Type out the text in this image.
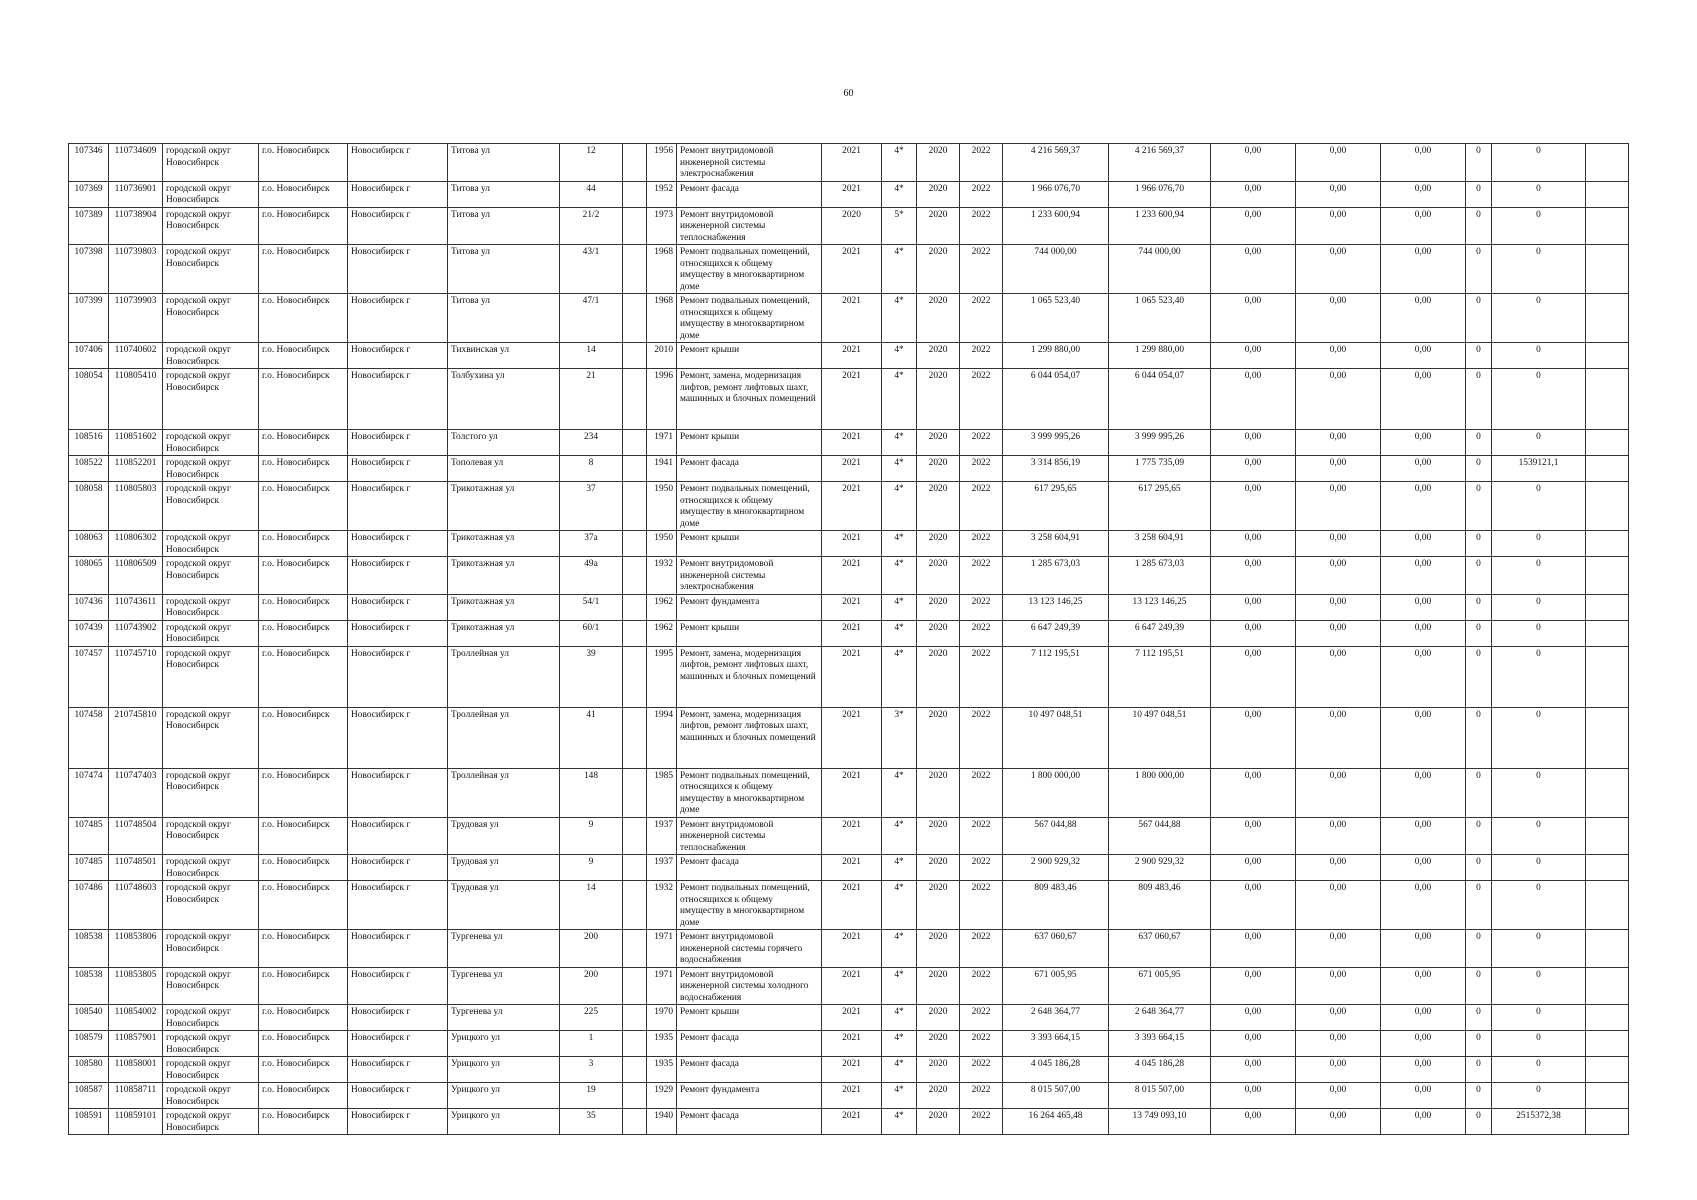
60
107346	110734609	городской округ Новосибирск	г.о. Новосибирск	Новосибирск г	Титова ул	12		1956	Ремонт внутридомовой инженерной системы электроснабжения	2021	4*	2020	2022	4 216 569,37	4 216 569,37	0,00	0,00	0,00	0	0	
107369	110736901	городской округ Новосибирск	г.о. Новосибирск	Новосибирск г	Титова ул	44		1952	Ремонт фасада	2021	4*	2020	2022	1 966 076,70	1 966 076,70	0,00	0,00	0,00	0	0	
107389	110738904	городской округ Новосибирск	г.о. Новосибирск	Новосибирск г	Титова ул	21/2		1973	Ремонт внутридомовой инженерной системы теплоснабжения	2020	5*	2020	2022	1 233 600,94	1 233 600,94	0,00	0,00	0,00	0	0	
107398	110739803	городской округ Новосибирск	г.о. Новосибирск	Новосибирск г	Титова ул	43/1		1968	Ремонт подвальных помещений, относящихся к общему имуществу в многоквартирном доме	2021	4*	2020	2022	744 000,00	744 000,00	0,00	0,00	0,00	0	0	
107399	110739903	городской округ Новосибирск	г.о. Новосибирск	Новосибирск г	Титова ул	47/1		1968	Ремонт подвальных помещений, относящихся к общему имуществу в многоквартирном доме	2021	4*	2020	2022	1 065 523,40	1 065 523,40	0,00	0,00	0,00	0	0	
107406	110740602	городской округ Новосибирск	г.о. Новосибирск	Новосибирск г	Тихвинская ул	14		2010	Ремонт крыши	2021	4*	2020	2022	1 299 880,00	1 299 880,00	0,00	0,00	0,00	0	0	
108054	110805410	городской округ Новосибирск	г.о. Новосибирск	Новосибирск г	Толбухина ул	21		1996	Ремонт, замена, модернизация лифтов, ремонт лифтовых шахт, машинных и блочных помещений	2021	4*	2020	2022	6 044 054,07	6 044 054,07	0,00	0,00	0,00	0	0	
108516	110851602	городской округ Новосибирск	г.о. Новосибирск	Новосибирск г	Толстого ул	234		1971	Ремонт крыши	2021	4*	2020	2022	3 999 995,26	3 999 995,26	0,00	0,00	0,00	0	0	
108522	110852201	городской округ Новосибирск	г.о. Новосибирск	Новосибирск г	Тополевая ул	8		1941	Ремонт фасада	2021	4*	2020	2022	3 314 856,19	1 775 735,09	0,00	0,00	0,00	0	1539121,1	
108058	110805803	городской округ Новосибирск	г.о. Новосибирск	Новосибирск г	Трикотажная ул	37		1950	Ремонт подвальных помещений, относящихся к общему имуществу в многоквартирном доме	2021	4*	2020	2022	617 295,65	617 295,65	0,00	0,00	0,00	0	0	
108063	110806302	городской округ Новосибирск	г.о. Новосибирск	Новосибирск г	Трикотажная ул	37а		1950	Ремонт крыши	2021	4*	2020	2022	3 258 604,91	3 258 604,91	0,00	0,00	0,00	0	0	
108065	110806509	городской округ Новосибирск	г.о. Новосибирск	Новосибирск г	Трикотажная ул	49а		1932	Ремонт внутридомовой инженерной системы электроснабжения	2021	4*	2020	2022	1 285 673,03	1 285 673,03	0,00	0,00	0,00	0	0	
107436	110743611	городской округ Новосибирск	г.о. Новосибирск	Новосибирск г	Трикотажная ул	54/1		1962	Ремонт фундамента	2021	4*	2020	2022	13 123 146,25	13 123 146,25	0,00	0,00	0,00	0	0	
107439	110743902	городской округ Новосибирск	г.о. Новосибирск	Новосибирск г	Трикотажная ул	60/1		1962	Ремонт крыши	2021	4*	2020	2022	6 647 249,39	6 647 249,39	0,00	0,00	0,00	0	0	
107457	110745710	городской округ Новосибирск	г.о. Новосибирск	Новосибирск г	Троллейная ул	39		1995	Ремонт, замена, модернизация лифтов, ремонт лифтовых шахт, машинных и блочных помещений	2021	4*	2020	2022	7 112 195,51	7 112 195,51	0,00	0,00	0,00	0	0	
107458	210745810	городской округ Новосибирск	г.о. Новосибирск	Новосибирск г	Троллейная ул	41		1994	Ремонт, замена, модернизация лифтов, ремонт лифтовых шахт, машинных и блочных помещений	2021	3*	2020	2022	10 497 048,51	10 497 048,51	0,00	0,00	0,00	0	0	
107474	110747403	городской округ Новосибирск	г.о. Новосибирск	Новосибирск г	Троллейная ул	148		1985	Ремонт подвальных помещений, относящихся к общему имуществу в многоквартирном доме	2021	4*	2020	2022	1 800 000,00	1 800 000,00	0,00	0,00	0,00	0	0	
107485	110748504	городской округ Новосибирск	г.о. Новосибирск	Новосибирск г	Трудовая ул	9		1937	Ремонт внутридомовой инженерной системы теплоснабжения	2021	4*	2020	2022	567 044,88	567 044,88	0,00	0,00	0,00	0	0	
107485	110748501	городской округ Новосибирск	г.о. Новосибирск	Новосибирск г	Трудовая ул	9		1937	Ремонт фасада	2021	4*	2020	2022	2 900 929,32	2 900 929,32	0,00	0,00	0,00	0	0	
107486	110748603	городской округ Новосибирск	г.о. Новосибирск	Новосибирск г	Трудовая ул	14		1932	Ремонт подвальных помещений, относящихся к общему имуществу в многоквартирном доме	2021	4*	2020	2022	809 483,46	809 483,46	0,00	0,00	0,00	0	0	
108538	110853806	городской округ Новосибирск	г.о. Новосибирск	Новосибирск г	Тургенева ул	200		1971	Ремонт внутридомовой инженерной системы горячего водоснабжения	2021	4*	2020	2022	637 060,67	637 060,67	0,00	0,00	0,00	0	0	
108538	110853805	городской округ Новосибирск	г.о. Новосибирск	Новосибирск г	Тургенева ул	200		1971	Ремонт внутридомовой инженерной системы холодного водоснабжения	2021	4*	2020	2022	671 005,95	671 005,95	0,00	0,00	0,00	0	0	
108540	110854002	городской округ Новосибирск	г.о. Новосибирск	Новосибирск г	Тургенева ул	225		1970	Ремонт крыши	2021	4*	2020	2022	2 648 364,77	2 648 364,77	0,00	0,00	0,00	0	0	
108579	110857901	городской округ Новосибирск	г.о. Новосибирск	Новосибирск г	Урицкого ул	1		1935	Ремонт фасада	2021	4*	2020	2022	3 393 664,15	3 393 664,15	0,00	0,00	0,00	0	0	
108580	110858001	городской округ Новосибирск	г.о. Новосибирск	Новосибирск г	Урицкого ул	3		1935	Ремонт фасада	2021	4*	2020	2022	4 045 186,28	4 045 186,28	0,00	0,00	0,00	0	0	
108587	110858711	городской округ Новосибирск	г.о. Новосибирск	Новосибирск г	Урицкого ул	19		1929	Ремонт фундамента	2021	4*	2020	2022	8 015 507,00	8 015 507,00	0,00	0,00	0,00	0	0	
108591	110859101	городской округ Новосибирск	г.о. Новосибирск	Новосибирск г	Урицкого ул	35		1940	Ремонт фасада	2021	4*	2020	2022	16 264 465,48	13 749 093,10	0,00	0,00	0,00	0	2515372,38	
